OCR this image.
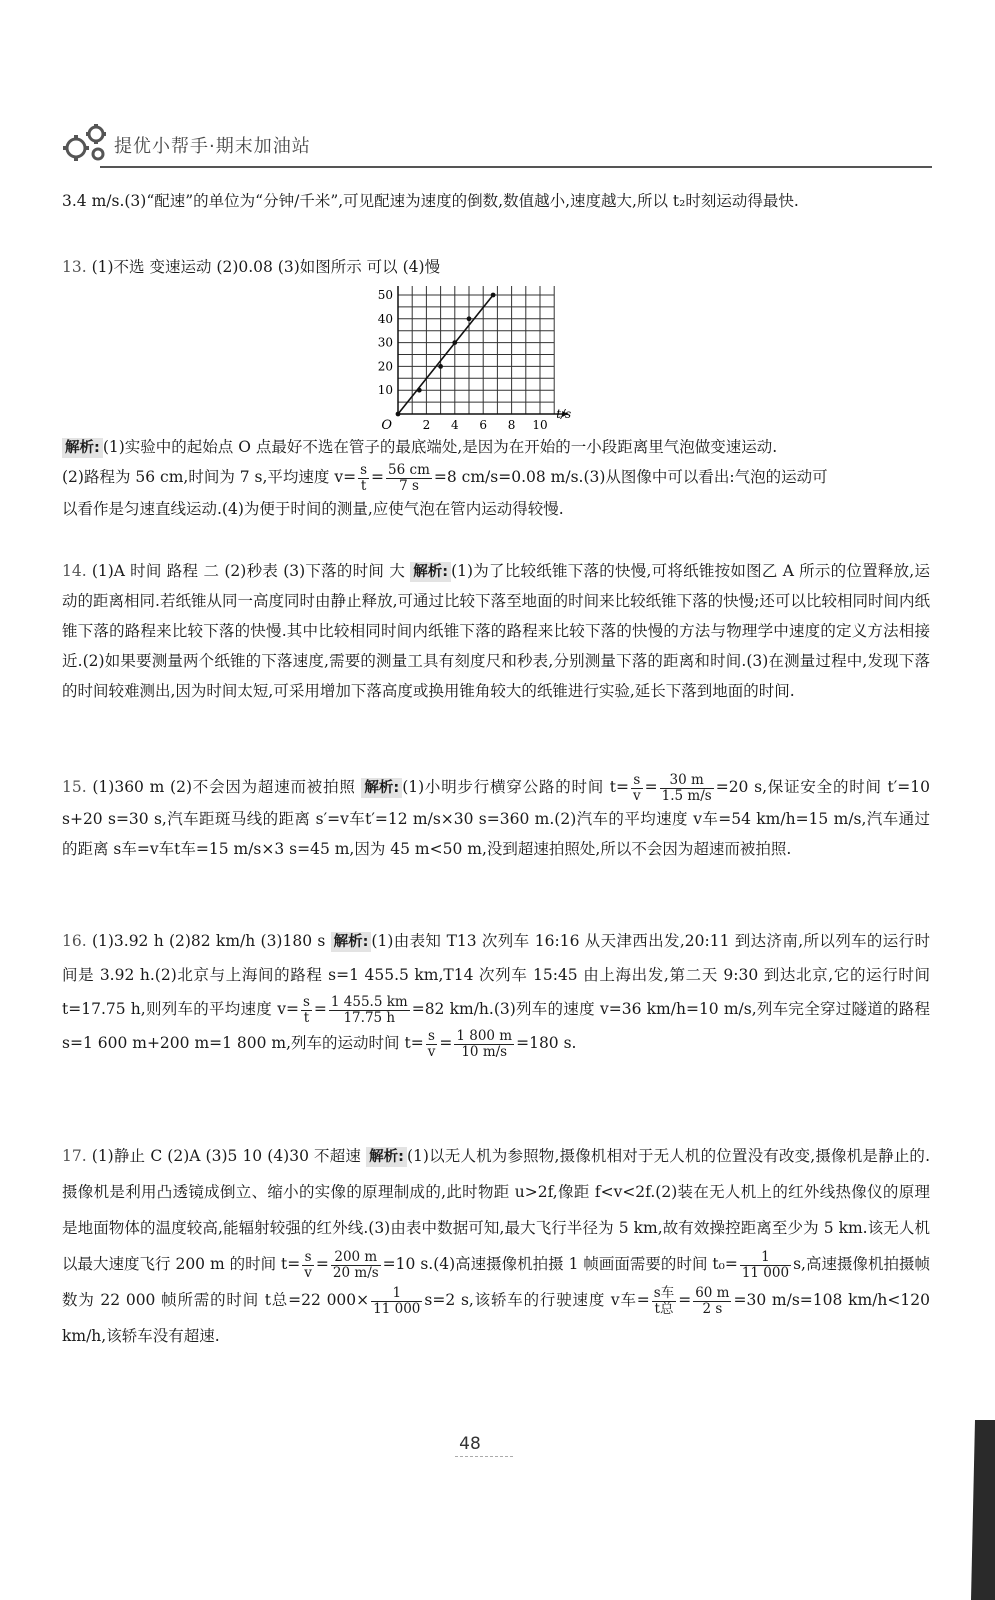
提优小帮手·期末加油站

3.4 m/s.(3)“配速”的单位为“分钟/千米”,可见配速为速度的倒数,数值越小,速度越大,所以 t₂时刻运动得最快.

13. (1)不选 变速运动 (2)0.08 (3)如图所示 可以 (4)慢

2 4 6 8 10
10
20
30
40
50
O
t/s

解析: (1)实验中的起始点 O 点最好不选在管子的最底端处,是因为在开始的一小段距离里气泡做变速运动.
(2)路程为 56 cm,时间为 7 s,平均速度 $v= \frac{s}{t} = \frac{56 cm}{7 s} =8$ cm/s=0.08 m/s.(3)从图像中可以看出:气泡的运动可
以看作是匀速直线运动.(4)为便于时间的测量,应使气泡在管内运动得较慢.

14. (1)A 时间 路程 二 (2)秒表 (3)下落的时间 大 解析: (1)为了比较纸锥下落的快慢,可将纸锥按如图乙 A 所示的位置释放,运动的距离相同.若纸锥从同一高度同时由静止释放,可通过比较下落至地面的时间来比较纸锥下落的快慢;还可以比较相同时间内纸锥下落的路程来比较下落的快慢.其中比较相同时间内纸锥下落的路程来比较下落的快慢的方法与物理学中速度的定义方法相接近.(2)如果要测量两个纸锥的下落速度,需要的测量工具有刻度尺和秒表,分别测量下落的距离和时间.(3)在测量过程中,发现下落的时间较难测出,因为时间太短,可采用增加下落高度或换用锥角较大的纸锥进行实验,延长下落到地面的时间.

15. (1)360 m (2)不会因为超速而被拍照 解析: (1)小明步行横穿公路的时间 $t= \frac{s}{v} = \frac{30 m}{1.5 m/s} =20$ s,保证安全的时间 t′=10 s+20 s=30 s,汽车距斑马线的距离 s′=v车t′=12 m/s×30 s=360 m.(2)汽车的平均速度 v车=54 km/h=15 m/s,汽车通过的距离 s车=v车t车=15 m/s×3 s=45 m,因为 45 m<50 m,没到超速拍照处,所以不会因为超速而被拍照.

16. (1)3.92 h (2)82 km/h (3)180 s 解析: (1)由表知 T13 次列车 16:16 从天津西出发,20:11 到达济南,所以列车的运行时间是 3.92 h.(2)北京与上海间的路程 s=1 455.5 km,T14 次列车 15:45 由上海出发,第二天 9:30 到达北京,它的运行时间 t=17.75 h,则列车的平均速度 $v= \frac{s}{t} = \frac{1 455.5 km}{17.75 h} =82$ km/h.(3)列车的速度 v=36 km/h=10 m/s,列车完全穿过隧道的路程 s=1 600 m+200 m=1 800 m,列车的运动时间 $t= \frac{s}{v} = \frac{1 800 m}{10 m/s} =180$ s.

17. (1)静止 C (2)A (3)5 10 (4)30 不超速 解析: (1)以无人机为参照物,摄像机相对于无人机的位置没有改变,摄像机是静止的.摄像机是利用凸透镜成倒立、缩小的实像的原理制成的,此时物距 u>2f,像距 f<v<2f.(2)装在无人机上的红外线热像仪的原理是地面物体的温度较高,能辐射较强的红外线.(3)由表中数据可知,最大飞行半径为 5 km,故有效操控距离至少为 5 km.该无人机以最大速度飞行 200 m 的时间 $t= \frac{s}{v} = \frac{200 m}{20 m/s} =10$ s.(4)高速摄像机拍摄 1 帧画面需要的时间 $t_0= \frac{1}{11 000} s$,高速摄像机拍摄帧数为 22 000 帧所需的时间 t总=22 $000\times \frac{1}{11 000} s=2$ s,该轿车的行驶速度 v车= $\frac{\text{s车}}{\text{t总}} = \frac{60 m}{2 s} =30$ m/s=108 km/h<120 km/h,该轿车没有超速.

48
